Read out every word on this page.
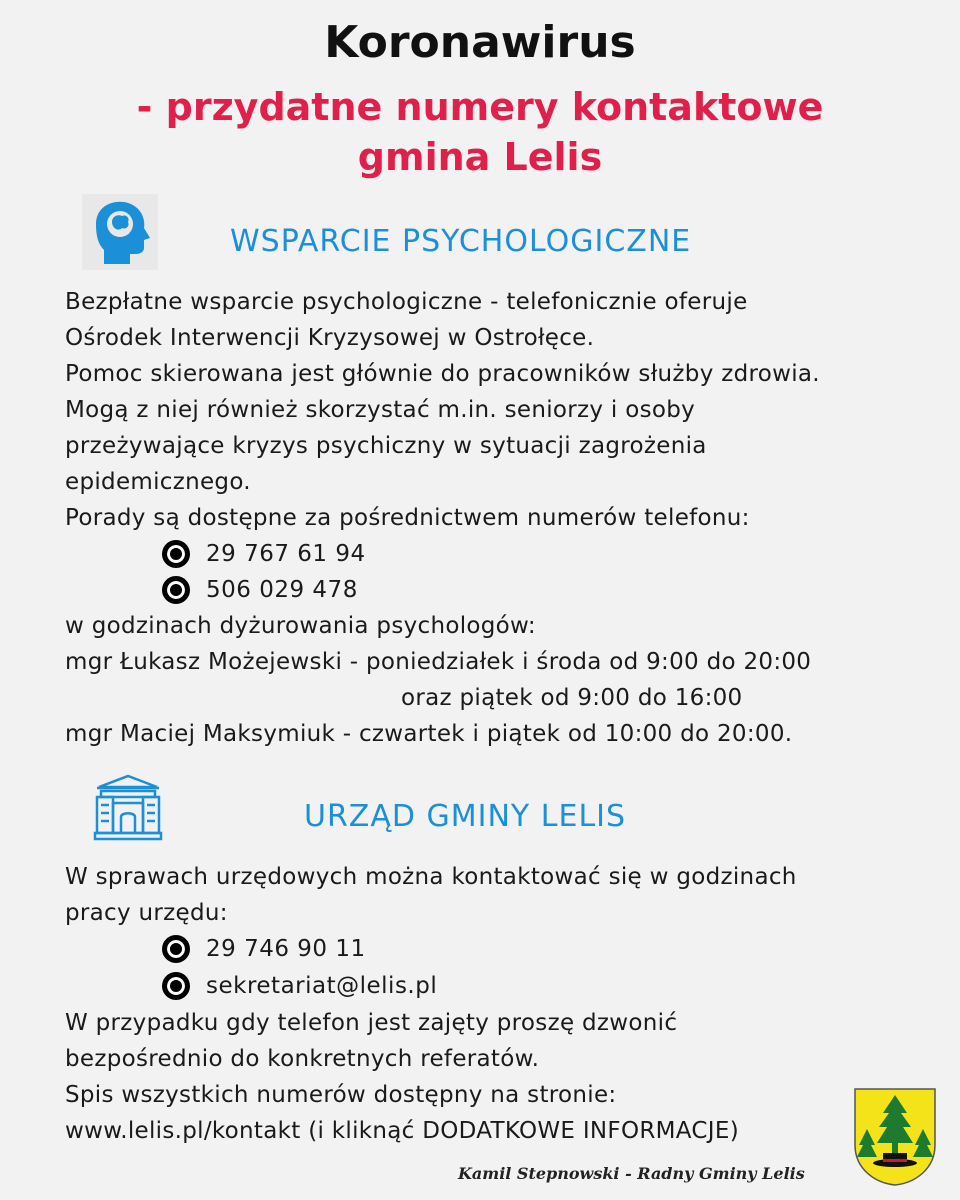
Koronawirus
- przydatne numery kontaktowe
gmina Lelis
WSPARCIE PSYCHOLOGICZNE
Bezpłatne wsparcie psychologiczne - telefonicznie oferuje
Ośrodek Interwencji Kryzysowej w Ostrołęce.
Pomoc skierowana jest głównie do pracowników służby zdrowia.
Mogą z niej również skorzystać m.in. seniorzy i osoby
przeżywające kryzys psychiczny w sytuacji zagrożenia
epidemicznego.
Porady są dostępne za pośrednictwem numerów telefonu:
29 767 61 94
506 029 478
w godzinach dyżurowania psychologów:
mgr Łukasz Możejewski - poniedziałek i środa od 9:00 do 20:00
oraz piątek od 9:00 do 16:00
mgr Maciej Maksymiuk - czwartek i piątek od 10:00 do 20:00.
URZĄD GMINY LELIS
W sprawach urzędowych można kontaktować się w godzinach
pracy urzędu:
29 746 90 11
sekretariat@lelis.pl
W przypadku gdy telefon jest zajęty proszę dzwonić
bezpośrednio do konkretnych referatów.
Spis wszystkich numerów dostępny na stronie:
www.lelis.pl/kontakt (i kliknąć DODATKOWE INFORMACJE)
Kamil Stepnowski - Radny Gminy Lelis
